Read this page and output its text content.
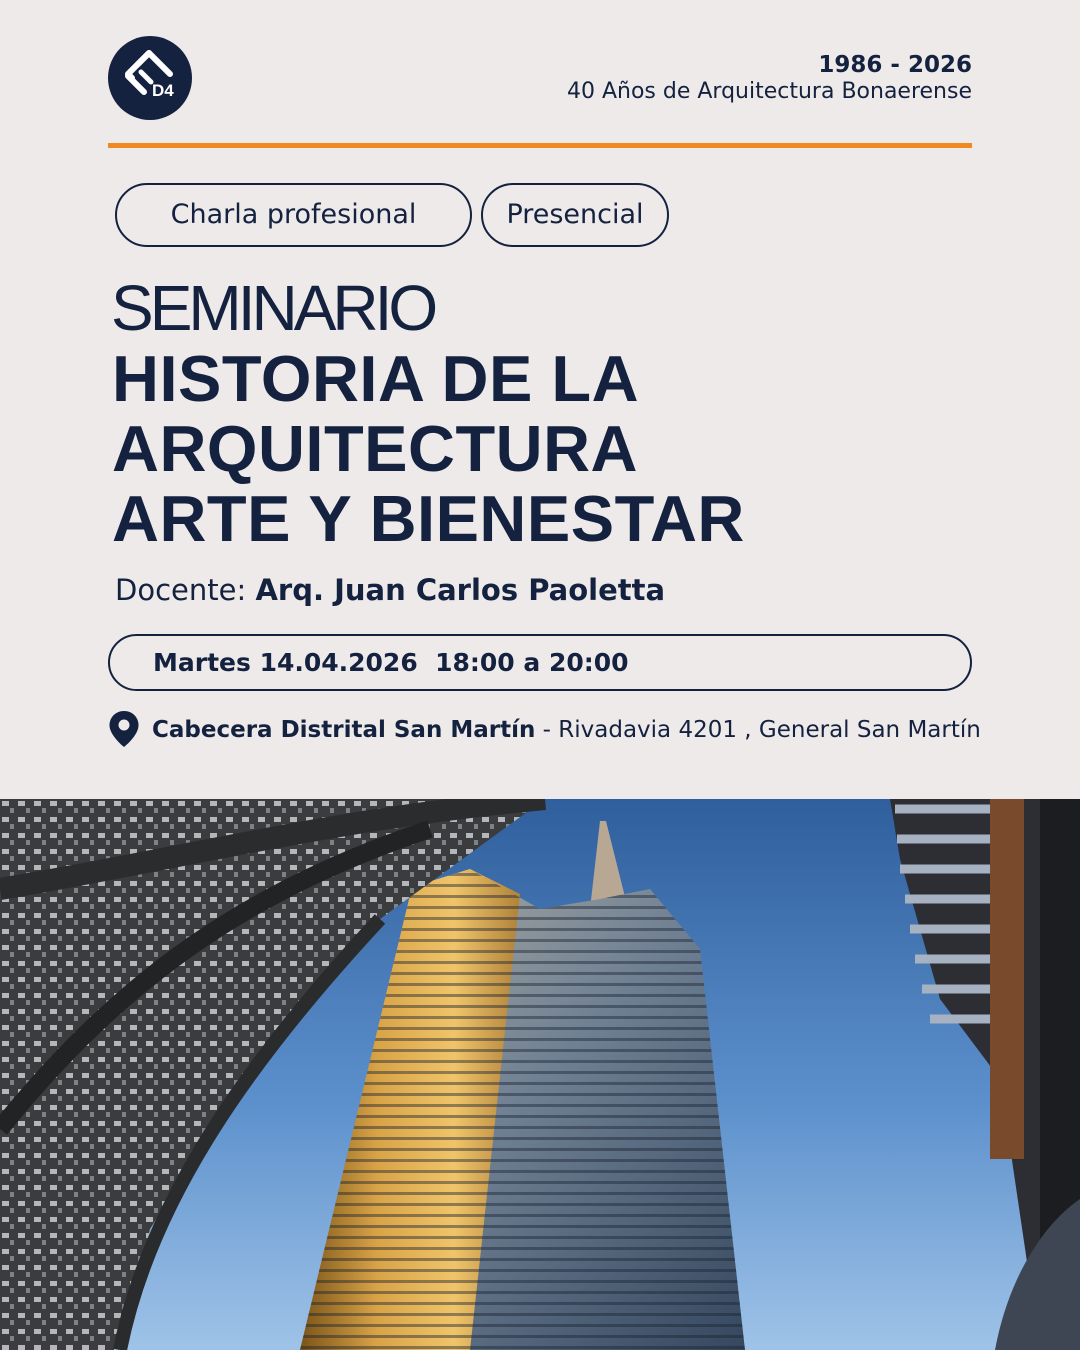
D4
1986 - 2026
40 Años de Arquitectura Bonaerense
Charla profesional	Presencial
SEMINARIO
HISTORIA DE LA
ARQUITECTURA
ARTE Y BIENESTAR
Docente: Arq. Juan Carlos Paoletta
Martes 14.04.2026  18:00 a 20:00
Cabecera Distrital San Martín - Rivadavia 4201 , General San Martín
